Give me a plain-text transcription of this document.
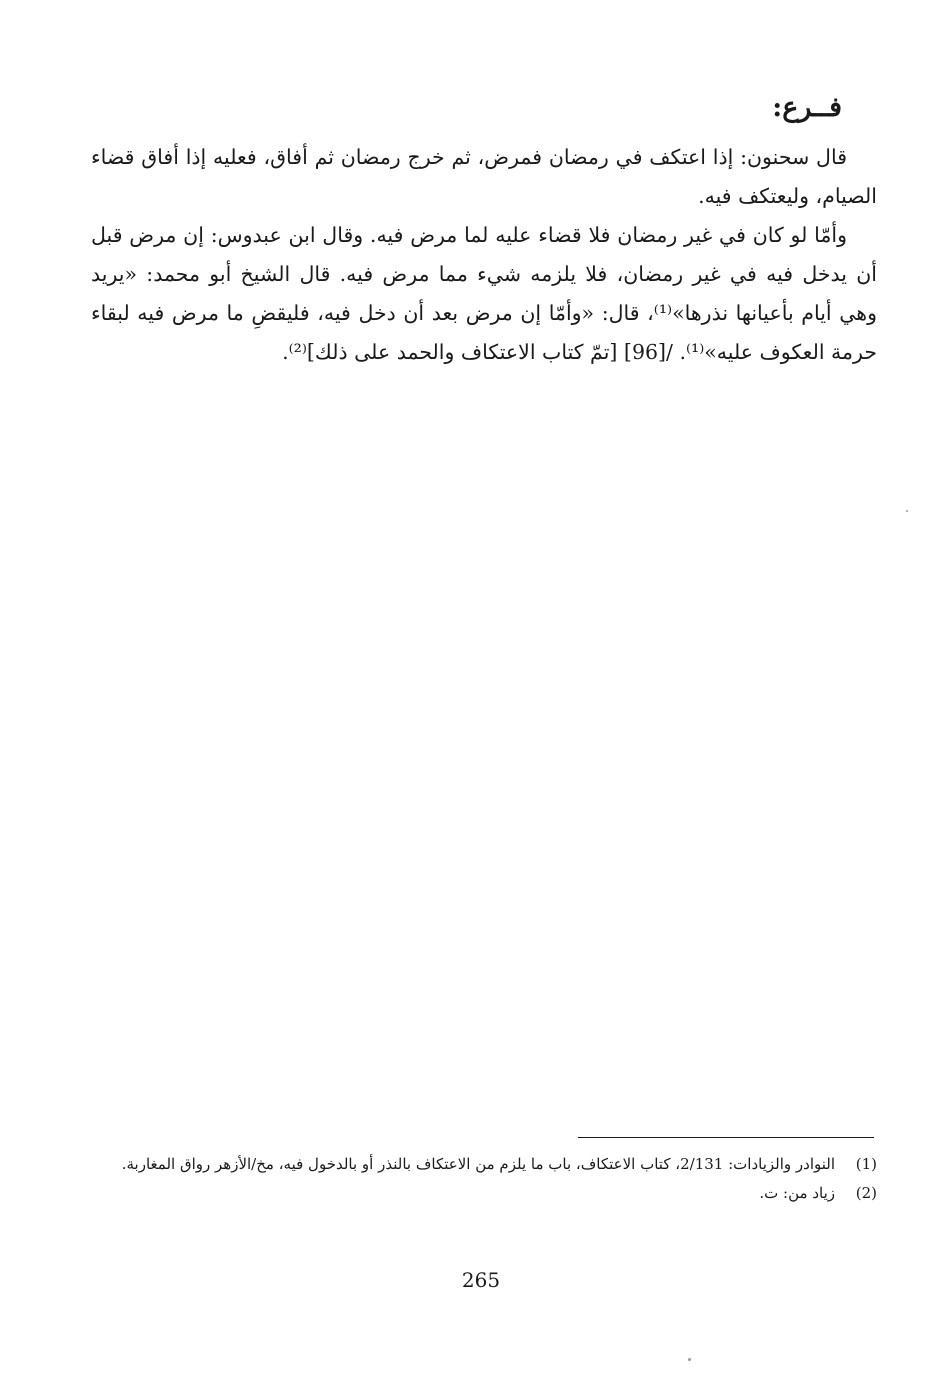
فــرع:

قال سحنون: إذا اعتكف في رمضان فمرض، ثم خرج رمضان ثم أفاق، فعليه إذا أفاق قضاء الصيام، وليعتكف فيه.

وأمّا لو كان في غير رمضان فلا قضاء عليه لما مرض فيه. وقال ابن عبدوس: إن مرض قبل أن يدخل فيه في غير رمضان، فلا يلزمه شيء مما مرض فيه. قال الشيخ أبو محمد: «يريد وهي أيام بأعيانها نذرها»⁽¹⁾، قال: «وأمّا إن مرض بعد أن دخل فيه، فليقضِ ما مرض فيه لبقاء حرمة العكوف عليه»⁽¹⁾. /[96] [تمّ كتاب الاعتكاف والحمد على ذلك]⁽²⁾.

(1)
النوادر والزيادات: 2/131، كتاب الاعتكاف، باب ما يلزم من الاعتكاف بالنذر أو بالدخول فيه، مخ/الأزهر رواق المغاربة.
(2)
زياد من: ت.
265
